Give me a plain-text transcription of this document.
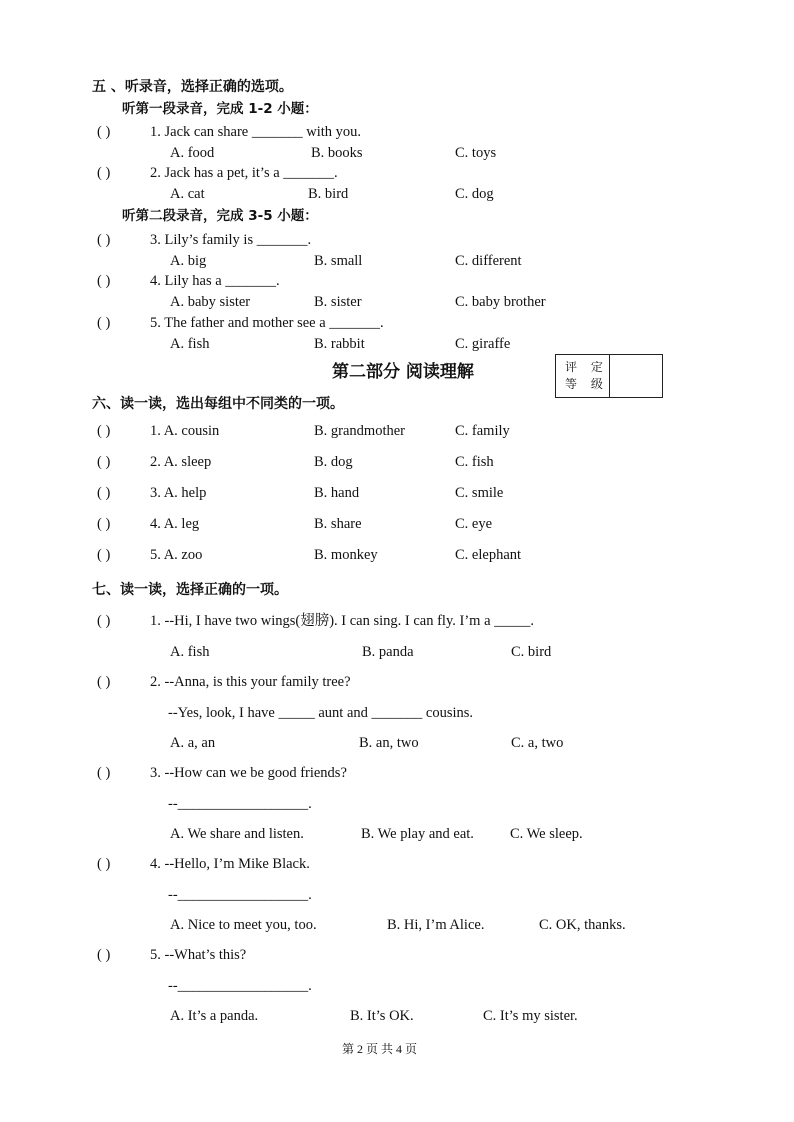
五 、听录音，选择正确的选项。
听第一段录音，完成 1-2 小题：
( )	1. Jack can share _______ with you.
A. food	B. books	C. toys
( )	2. Jack has a pet, it’s a _______.
A. cat	B. bird	C. dog
听第二段录音，完成 3-5 小题：
( )	3. Lily’s family is _______.
A. big	B. small	C. different
( )	4. Lily has a _______.
A. baby sister	B. sister	C. baby brother
( )	5. The father and mother see a _______.
A. fish	B. rabbit	C. giraffe
第二部分 阅读理解	评 定
等 级
六、读一读，选出每组中不同类的一项。
( )	1. A. cousin	B. grandmother	C. family
( )	2. A. sleep	B. dog	C. fish
( )	3. A. help	B. hand	C. smile
( )	4. A. leg	B. share	C. eye
( )	5. A. zoo	B. monkey	C. elephant
七、读一读，选择正确的一项。
( )	1. --Hi, I have two wings(翅膀). I can sing. I can fly. I’m a _____.
A. fish	B. panda	C. bird
( )	2. --Anna, is this your family tree?
--Yes, look, I have _____ aunt and _______ cousins.
A. a, an	B. an, two	C. a, two
( )	3. --How can we be good friends?
--__________________.
A. We share and listen.	B. We play and eat. C. We sleep.
( )	4. --Hello, I’m Mike Black.
--__________________.
A. Nice to meet you, too.	B. Hi, I’m Alice.	C. OK, thanks.
( )	5. --What’s this?
--__________________.
A. It’s a panda.	B. It’s OK.	C. It’s my sister.
第 2 页 共 4 页
